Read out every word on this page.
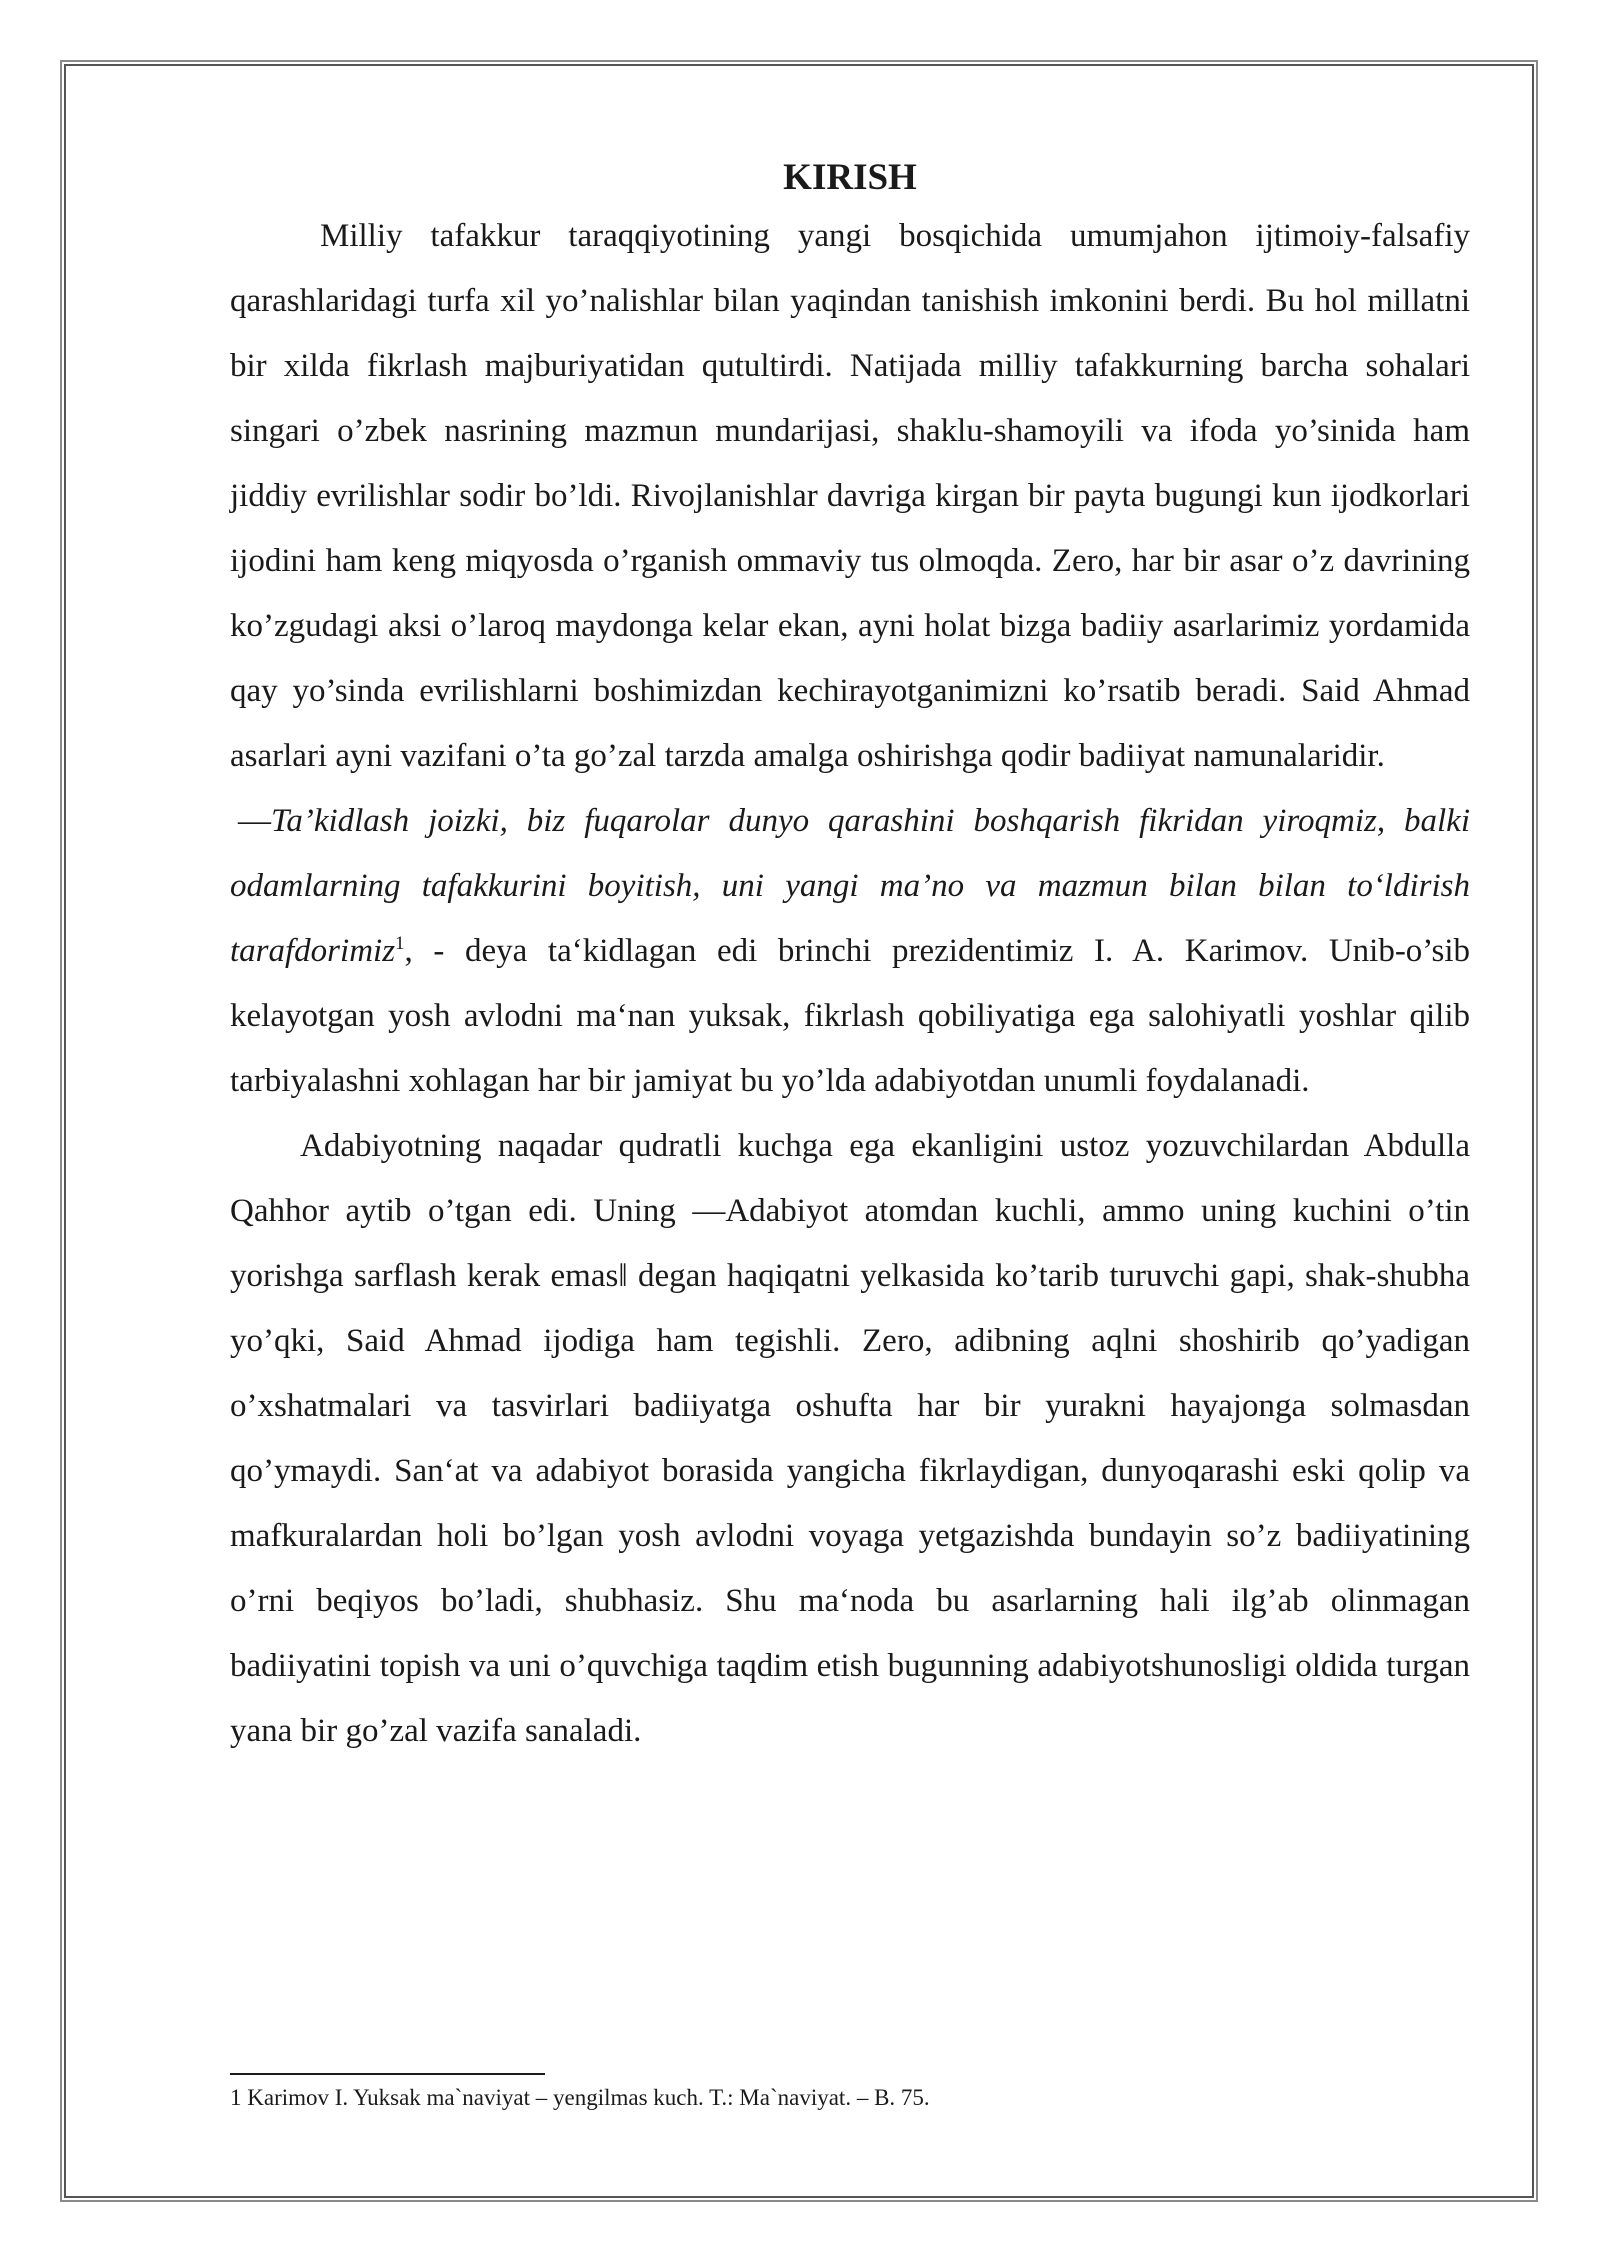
KIRISH

Milliy tafakkur taraqqiyotining yangi bosqichida umumjahon ijtimoiy-falsafiy qarashlaridagi turfa xil yo’nalishlar bilan yaqindan tanishish imkonini berdi. Bu hol millatni bir xilda fikrlash majburiyatidan qutultirdi. Natijada milliy tafakkurning barcha sohalari singari o’zbek nasrining mazmun mundarijasi, shaklu-shamoyili va ifoda yo’sinida ham jiddiy evrilishlar sodir bo’ldi. Rivojlanishlar davriga kirgan bir payta bugungi kun ijodkorlari ijodini ham keng miqyosda o’rganish ommaviy tus olmoqda. Zero, har bir asar o’z davrining ko’zgudagi aksi o’laroq maydonga kelar ekan, ayni holat bizga badiiy asarlarimiz yordamida qay yo’sinda evrilishlarni boshimizdan kechirayotganimizni ko’rsatib beradi. Said Ahmad asarlari ayni vazifani o’ta go’zal tarzda amalga oshirishga qodir badiiyat namunalaridir.

―Ta’kidlash joizki, biz fuqarolar dunyo qarashini boshqarish fikridan yiroqmiz, balki odamlarning tafakkurini boyitish, uni yangi ma’no va mazmun bilan bilan to‘ldirish tarafdorimiz$^1$, - deya ta‘kidlagan edi brinchi prezidentimiz I. A. Karimov. Unib-o’sib kelayotgan yosh avlodni ma‘nan yuksak, fikrlash qobiliyatiga ega salohiyatli yoshlar qilib tarbiyalashni xohlagan har bir jamiyat bu yo’lda adabiyotdan unumli foydalanadi.

Adabiyotning naqadar qudratli kuchga ega ekanligini ustoz yozuvchilardan Abdulla Qahhor aytib o’tgan edi. Uning ―Adabiyot atomdan kuchli, ammo uning kuchini o’tin yorishga sarflash kerak emas‖ degan haqiqatni yelkasida ko’tarib turuvchi gapi, shak-shubha yo’qki, Said Ahmad ijodiga ham tegishli. Zero, adibning aqlni shoshirib qo’yadigan o’xshatmalari va tasvirlari badiiyatga oshufta har bir yurakni hayajonga solmasdan qo’ymaydi. San‘at va adabiyot borasida yangicha fikrlaydigan, dunyoqarashi eski qolip va mafkuralardan holi bo’lgan yosh avlodni voyaga yetgazishda bundayin so’z badiiyatining o’rni beqiyos bo’ladi, shubhasiz. Shu ma‘noda bu asarlarning hali ilg’ab olinmagan badiiyatini topish va uni o’quvchiga taqdim etish bugunning adabiyotshunosligi oldida turgan yana bir go’zal vazifa sanaladi.

1 Karimov I. Yuksak ma`naviyat – yengilmas kuch. T.: Ma`naviyat. – B. 75.
